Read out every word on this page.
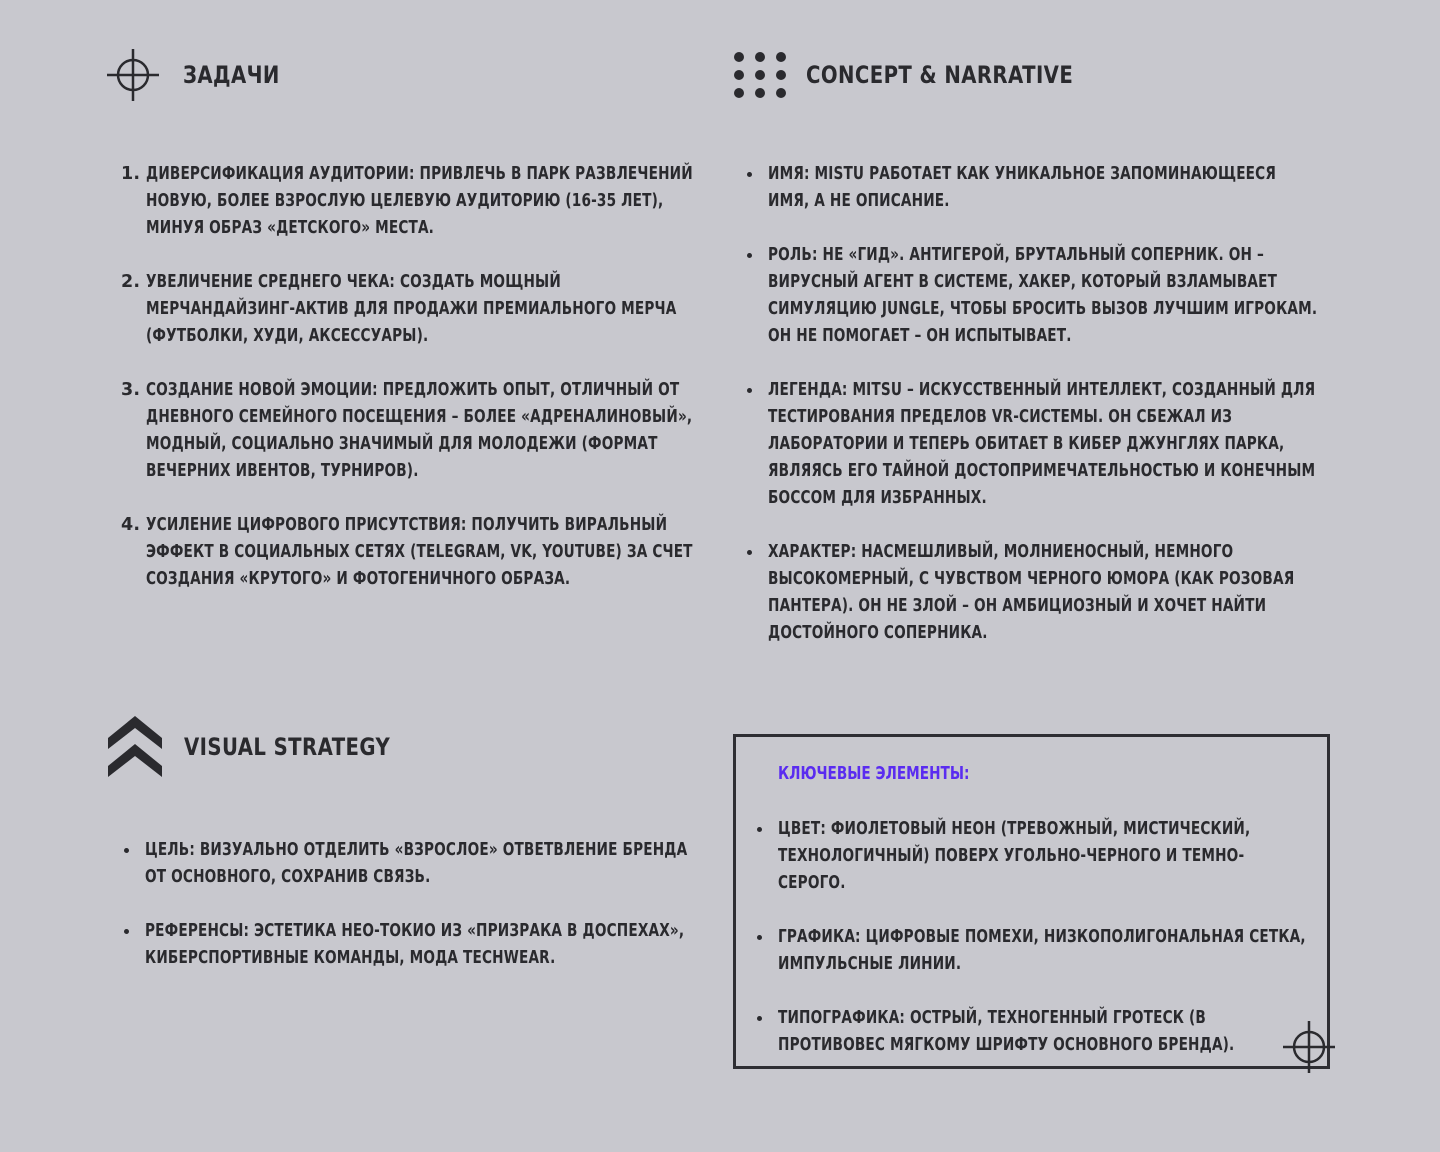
ЗАДАЧИ	CONCEPT & NARRATIVE
1. ДИВЕРСИФИКАЦИЯ АУДИТОРИИ: ПРИВЛЕЧЬ В ПАРК РАЗВЛЕЧЕНИЙ НОВУЮ, БОЛЕЕ ВЗРОСЛУЮ ЦЕЛЕВУЮ АУДИТОРИЮ (16-35 ЛЕТ), МИНУЯ ОБРАЗ «ДЕТСКОГО» МЕСТА.
2. УВЕЛИЧЕНИЕ СРЕДНЕГО ЧЕКА: СОЗДАТЬ МОЩНЫЙ МЕРЧАНДАЙЗИНГ-АКТИВ ДЛЯ ПРОДАЖИ ПРЕМИАЛЬНОГО МЕРЧА (ФУТБОЛКИ, ХУДИ, АКСЕССУАРЫ).
3. СОЗДАНИЕ НОВОЙ ЭМОЦИИ: ПРЕДЛОЖИТЬ ОПЫТ, ОТЛИЧНЫЙ ОТ ДНЕВНОГО СЕМЕЙНОГО ПОСЕЩЕНИЯ – БОЛЕЕ «АДРЕНАЛИНОВЫЙ», МОДНЫЙ, СОЦИАЛЬНО ЗНАЧИМЫЙ ДЛЯ МОЛОДЕЖИ (ФОРМАТ ВЕЧЕРНИХ ИВЕНТОВ, ТУРНИРОВ).
4. УСИЛЕНИЕ ЦИФРОВОГО ПРИСУТСТВИЯ: ПОЛУЧИТЬ ВИРАЛЬНЫЙ ЭФФЕКТ В СОЦИАЛЬНЫХ СЕТЯХ (TELEGRAM, VK, YOUTUBE) ЗА СЧЕТ СОЗДАНИЯ «КРУТОГО» И ФОТОГЕНИЧНОГО ОБРАЗА.
ИМЯ: MISTU РАБОТАЕТ КАК УНИКАЛЬНОЕ ЗАПОМИНАЮЩЕЕСЯ ИМЯ, А НЕ ОПИСАНИЕ.
РОЛЬ: НЕ «ГИД». АНТИГЕРОЙ, БРУТАЛЬНЫЙ СОПЕРНИК. ОН – ВИРУСНЫЙ АГЕНТ В СИСТЕМЕ, ХАКЕР, КОТОРЫЙ ВЗЛАМЫВАЕТ СИМУЛЯЦИЮ JUNGLE, ЧТОБЫ БРОСИТЬ ВЫЗОВ ЛУЧШИМ ИГРОКАМ. ОН НЕ ПОМОГАЕТ – ОН ИСПЫТЫВАЕТ.
ЛЕГЕНДА: MITSU – ИСКУССТВЕННЫЙ ИНТЕЛЛЕКТ, СОЗДАННЫЙ ДЛЯ ТЕСТИРОВАНИЯ ПРЕДЕЛОВ VR-СИСТЕМЫ. ОН СБЕЖАЛ ИЗ ЛАБОРАТОРИИ И ТЕПЕРЬ ОБИТАЕТ В КИБЕР ДЖУНГЛЯХ ПАРКА, ЯВЛЯЯСЬ ЕГО ТАЙНОЙ ДОСТОПРИМЕЧАТЕЛЬНОСТЬЮ И КОНЕЧНЫМ БОССОМ ДЛЯ ИЗБРАННЫХ.
ХАРАКТЕР: НАСМЕШЛИВЫЙ, МОЛНИЕНОСНЫЙ, НЕМНОГО ВЫСОКОМЕРНЫЙ, С ЧУВСТВОМ ЧЕРНОГО ЮМОРА (КАК РОЗОВАЯ ПАНТЕРА). ОН НЕ ЗЛОЙ – ОН АМБИЦИОЗНЫЙ И ХОЧЕТ НАЙТИ ДОСТОЙНОГО СОПЕРНИКА.
VISUAL STRATEGY
ЦЕЛЬ: ВИЗУАЛЬНО ОТДЕЛИТЬ «ВЗРОСЛОЕ» ОТВЕТВЛЕНИЕ БРЕНДА ОТ ОСНОВНОГО, СОХРАНИВ СВЯЗЬ.
РЕФЕРЕНСЫ: ЭСТЕТИКА НЕО-ТОКИО ИЗ «ПРИЗРАКА В ДОСПЕХАХ», КИБЕРСПОРТИВНЫЕ КОМАНДЫ, МОДА TECHWEAR.
КЛЮЧЕВЫЕ ЭЛЕМЕНТЫ:
ЦВЕТ: ФИОЛЕТОВЫЙ НЕОН (ТРЕВОЖНЫЙ, МИСТИЧЕСКИЙ, ТЕХНОЛОГИЧНЫЙ) ПОВЕРХ УГОЛЬНО-ЧЕРНОГО И ТЕМНО-СЕРОГО.
ГРАФИКА: ЦИФРОВЫЕ ПОМЕХИ, НИЗКОПОЛИГОНАЛЬНАЯ СЕТКА, ИМПУЛЬСНЫЕ ЛИНИИ.
ТИПОГРАФИКА: ОСТРЫЙ, ТЕХНОГЕННЫЙ ГРОТЕСК (В ПРОТИВОВЕС МЯГКОМУ ШРИФТУ ОСНОВНОГО БРЕНДА).
